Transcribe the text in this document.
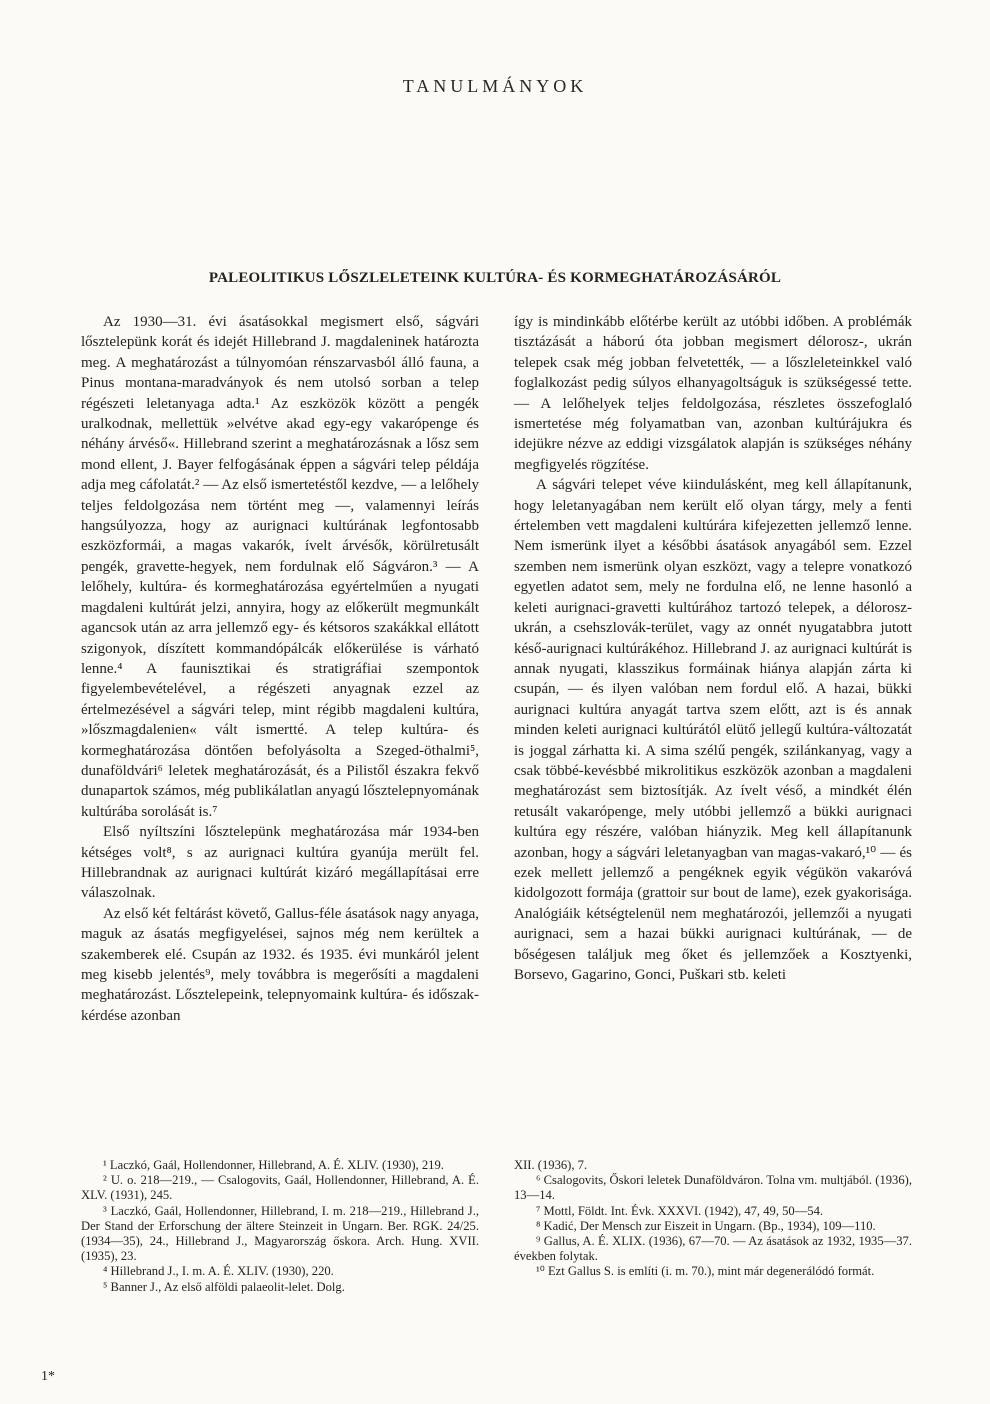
TANULMÁNYOK
PALEOLITIKUS LŐSZLELETEINK KULTÚRA- ÉS KORMEGHATÁROZÁSÁRÓL

Az 1930—31. évi ásatásokkal megismert első, ságvári lősztelepünk korát és idejét Hillebrand J. magdaleninek határozta meg. A meghatározást a túlnyomóan rénszarvasból álló fauna, a Pinus montana-maradványok és nem utolsó sorban a telep régészeti leletanyaga adta.¹ Az eszközök között a pengék uralkodnak, mellettük »elvétve akad egy-egy vakarópenge és néhány árvéső«. Hillebrand szerint a meghatározásnak a lősz sem mond ellent, J. Bayer felfogásának éppen a ságvári telep példája adja meg cáfolatát.² — Az első ismertetéstől kezdve, — a lelőhely teljes feldolgozása nem történt meg —, valamennyi leírás hangsúlyozza, hogy az aurignaci kultúrának legfontosabb eszközformái, a magas vakarók, ívelt árvésők, körülretusált pengék, gravette-hegyek, nem fordulnak elő Ságváron.³ — A lelőhely, kultúra- és kormeghatározása egyértelműen a nyugati magdaleni kultúrát jelzi, annyira, hogy az előkerült megmunkált agancsok után az arra jellemző egy- és kétsoros szakákkal ellátott szigonyok, díszített kommandópálcák előkerülése is várható lenne.⁴ A faunisztikai és stratigráfiai szempontok figyelembevételével, a régészeti anyagnak ezzel az értelmezésével a ságvári telep, mint régibb magdaleni kultúra, »lőszmagdalenien« vált ismertté. A telep kultúra- és kormeghatározása döntően befolyásolta a Szeged-öthalmi⁵, dunaföldvári⁶ leletek meghatározását, és a Pilistől északra fekvő dunapartok számos, még publikálatlan anyagú lősztelepnyomának kultúrába sorolását is.⁷

Első nyíltszíni lősztelepünk meghatározása már 1934-ben kétséges volt⁸, s az aurignaci kultúra gyanúja merült fel. Hillebrandnak az aurignaci kultúrát kizáró megállapításai erre válaszolnak.

Az első két feltárást követő, Gallus-féle ásatások nagy anyaga, maguk az ásatás megfigyelései, sajnos még nem kerültek a szakemberek elé. Csupán az 1932. és 1935. évi munkáról jelent meg kisebb jelentés⁹, mely továbbra is megerősíti a magdaleni meghatározást. Lősztelepeink, telepnyomaink kultúra- és időszak-kérdése azonban

így is mindinkább előtérbe került az utóbbi időben. A problémák tisztázását a háború óta jobban megismert délorosz-, ukrán telepek csak még jobban felvetették, — a lőszleleteinkkel való foglalkozást pedig súlyos elhanyagoltságuk is szükségessé tette. — A lelőhelyek teljes feldolgozása, részletes összefoglaló ismertetése még folyamatban van, azonban kultúrájukra és idejükre nézve az eddigi vizsgálatok alapján is szükséges néhány megfigyelés rögzítése.

A ságvári telepet véve kiindulásként, meg kell állapítanunk, hogy leletanyagában nem került elő olyan tárgy, mely a fenti értelemben vett magdaleni kultúrára kifejezetten jellemző lenne. Nem ismerünk ilyet a későbbi ásatások anyagából sem. Ezzel szemben nem ismerünk olyan eszközt, vagy a telepre vonatkozó egyetlen adatot sem, mely ne fordulna elő, ne lenne hasonló a keleti aurignaci-gravetti kultúrához tartozó telepek, a délorosz-ukrán, a csehszlovák-terület, vagy az onnét nyugatabbra jutott késő-aurignaci kultúrákéhoz. Hillebrand J. az aurignaci kultúrát is annak nyugati, klasszikus formáinak hiánya alapján zárta ki csupán, — és ilyen valóban nem fordul elő. A hazai, bükki aurignaci kultúra anyagát tartva szem előtt, azt is és annak minden keleti aurignaci kultúrától elütő jellegű kultúra-változatát is joggal zárhatta ki. A sima szélű pengék, szilánkanyag, vagy a csak többé-kevésbbé mikrolitikus eszközök azonban a magdaleni meghatározást sem biztosítják. Az ívelt véső, a mindkét élén retusált vakarópenge, mely utóbbi jellemző a bükki aurignaci kultúra egy részére, valóban hiányzik. Meg kell állapítanunk azonban, hogy a ságvári leletanyagban van magas-vakaró,¹⁰ — és ezek mellett jellemző a pengéknek egyik végükön vakaróvá kidolgozott formája (grattoir sur bout de lame), ezek gyakorisága. Analógiáik kétségtelenül nem meghatározói, jellemzői a nyugati aurignaci, sem a hazai bükki aurignaci kultúrának, — de bőségesen találjuk meg őket és jellemzőek a Kosztyenki, Borsevo, Gagarino, Gonci, Puškari stb. keleti

¹ Laczkó, Gaál, Hollendonner, Hillebrand, A. É. XLIV. (1930), 219.

² U. o. 218—219., — Csalogovits, Gaál, Hollendonner, Hillebrand, A. É. XLV. (1931), 245.

³ Laczkó, Gaál, Hollendonner, Hillebrand, I. m. 218—219., Hillebrand J., Der Stand der Erforschung der ältere Steinzeit in Ungarn. Ber. RGK. 24/25. (1934—35), 24., Hillebrand J., Magyarország őskora. Arch. Hung. XVII. (1935), 23.

⁴ Hillebrand J., I. m. A. É. XLIV. (1930), 220.

⁵ Banner J., Az első alföldi palaeolit-lelet. Dolg.

XII. (1936), 7.

⁶ Csalogovits, Őskori leletek Dunaföldváron. Tolna vm. multjából. (1936), 13—14.

⁷ Mottl, Földt. Int. Évk. XXXVI. (1942), 47, 49, 50—54.

⁸ Kadić, Der Mensch zur Eiszeit in Ungarn. (Bp., 1934), 109—110.

⁹ Gallus, A. É. XLIX. (1936), 67—70. — Az ásatások az 1932, 1935—37. években folytak.

¹⁰ Ezt Gallus S. is említi (i. m. 70.), mint már degenerálódó formát.

1*
